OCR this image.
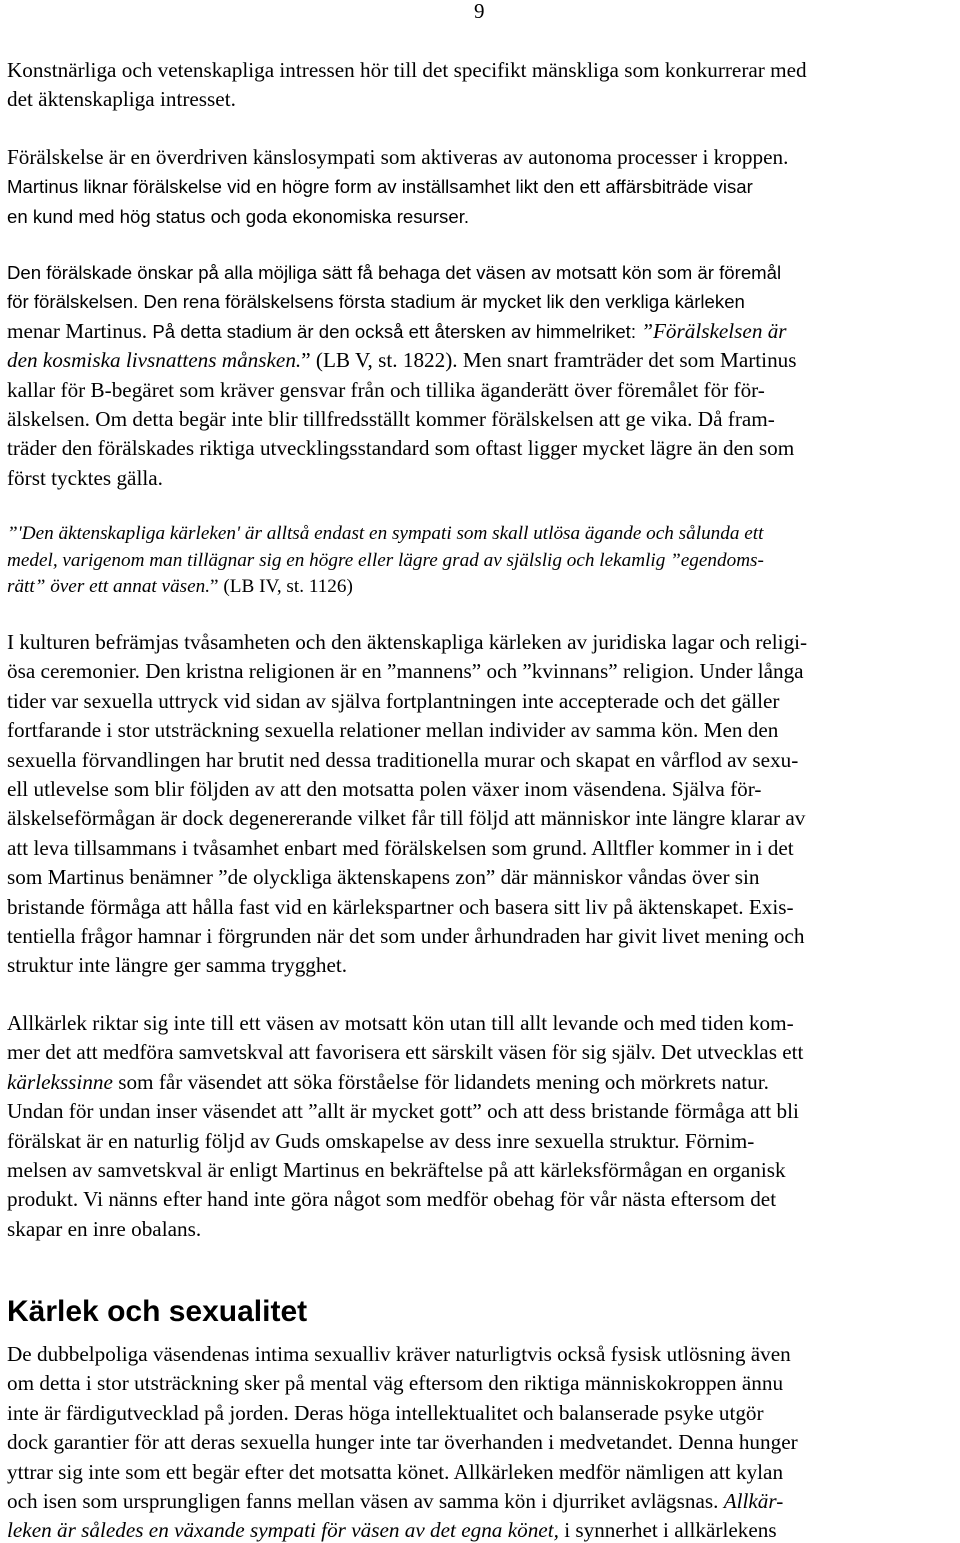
9
Konstnärliga och vetenskapliga intressen hör till det specifikt mänskliga som konkurrerar med
det äktenskapliga intresset.
Förälskelse är en överdriven känslosympati som aktiveras av autonoma processer i kroppen.
Martinus liknar förälskelse vid en högre form av inställsamhet likt den ett affärsbiträde visar
en kund med hög status och goda ekonomiska resurser.
Den förälskade önskar på alla möjliga sätt få behaga det väsen av motsatt kön som är föremål
för förälskelsen. Den rena förälskelsens första stadium är mycket lik den verkliga kärleken
menar Martinus. På detta stadium är den också ett återsken av himmelriket: ”Förälskelsen är
den kosmiska livsnattens månsken.” (LB V, st. 1822). Men snart framträder det som Martinus
kallar för B-begäret som kräver gensvar från och tillika äganderätt över föremålet för för-
älskelsen. Om detta begär inte blir tillfredsställt kommer förälskelsen att ge vika. Då fram-
träder den förälskades riktiga utvecklingsstandard som oftast ligger mycket lägre än den som
först tycktes gälla.
”'Den äktenskapliga kärleken' är alltså endast en sympati som skall utlösa ägande och sålunda ett
medel, varigenom man tillägnar sig en högre eller lägre grad av själslig och lekamlig ”egendoms-
rätt” över ett annat väsen.” (LB IV, st. 1126)
I kulturen befrämjas tvåsamheten och den äktenskapliga kärleken av juridiska lagar och religi-
ösa ceremonier. Den kristna religionen är en ”mannens” och ”kvinnans” religion. Under långa
tider var sexuella uttryck vid sidan av själva fortplantningen inte accepterade och det gäller
fortfarande i stor utsträckning sexuella relationer mellan individer av samma kön. Men den
sexuella förvandlingen har brutit ned dessa traditionella murar och skapat en vårflod av sexu-
ell utlevelse som blir följden av att den motsatta polen växer inom väsendena. Själva för-
älskelseförmågan är dock degenererande vilket får till följd att människor inte längre klarar av
att leva tillsammans i tvåsamhet enbart med förälskelsen som grund. Alltfler kommer in i det
som Martinus benämner ”de olyckliga äktenskapens zon” där människor våndas över sin
bristande förmåga att hålla fast vid en kärlekspartner och basera sitt liv på äktenskapet. Exis-
tentiella frågor hamnar i förgrunden när det som under århundraden har givit livet mening och
struktur inte längre ger samma trygghet.
Allkärlek riktar sig inte till ett väsen av motsatt kön utan till allt levande och med tiden kom-
mer det att medföra samvetskval att favorisera ett särskilt väsen för sig själv. Det utvecklas ett
kärlekssinne som får väsendet att söka förståelse för lidandets mening och mörkrets natur.
Undan för undan inser väsendet att ”allt är mycket gott” och att dess bristande förmåga att bli
förälskat är en naturlig följd av Guds omskapelse av dess inre sexuella struktur. Förnim-
melsen av samvetskval är enligt Martinus en bekräftelse på att kärleksförmågan en organisk
produkt. Vi nänns efter hand inte göra något som medför obehag för vår nästa eftersom det
skapar en inre obalans.
De dubbelpoliga väsendenas intima sexualliv kräver naturligtvis också fysisk utlösning även
om detta i stor utsträckning sker på mental väg eftersom den riktiga människokroppen ännu
inte är färdigutvecklad på jorden. Deras höga intellektualitet och balanserade psyke utgör
dock garantier för att deras sexuella hunger inte tar överhanden i medvetandet. Denna hunger
yttrar sig inte som ett begär efter det motsatta könet. Allkärleken medför nämligen att kylan
och isen som ursprungligen fanns mellan väsen av samma kön i djurriket avlägsnas. Allkär-
leken är således en växande sympati för väsen av det egna könet, i synnerhet i allkärlekens
Kärlek och sexualitet
